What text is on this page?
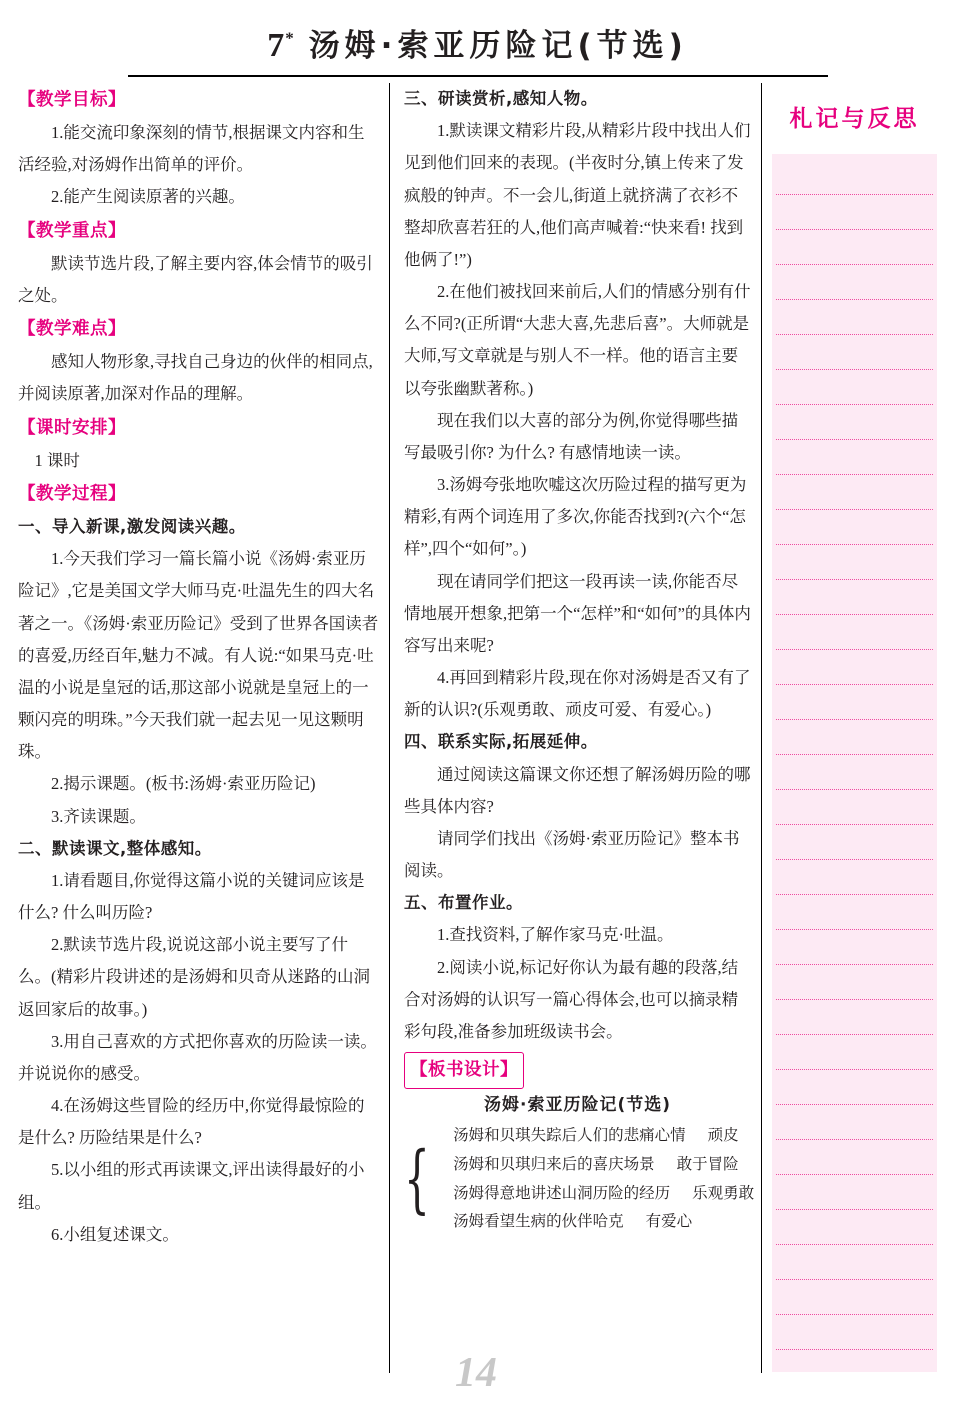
7* 汤姆·索亚历险记(节选)

【教学目标】

1.能交流印象深刻的情节,根据课文内容和生活经验,对汤姆作出简单的评价。

2.能产生阅读原著的兴趣。

【教学重点】

默读节选片段,了解主要内容,体会情节的吸引之处。

【教学难点】

感知人物形象,寻找自己身边的伙伴的相同点,并阅读原著,加深对作品的理解。

【课时安排】

1 课时

【教学过程】

一、导入新课,激发阅读兴趣。

1.今天我们学习一篇长篇小说《汤姆·索亚历险记》,它是美国文学大师马克·吐温先生的四大名著之一。《汤姆·索亚历险记》受到了世界各国读者的喜爱,历经百年,魅力不减。有人说:“如果马克·吐温的小说是皇冠的话,那这部小说就是皇冠上的一颗闪亮的明珠。”今天我们就一起去见一见这颗明珠。

2.揭示课题。(板书:汤姆·索亚历险记)

3.齐读课题。

二、默读课文,整体感知。

1.请看题目,你觉得这篇小说的关键词应该是什么? 什么叫历险?

2.默读节选片段,说说这部小说主要写了什么。(精彩片段讲述的是汤姆和贝奇从迷路的山洞返回家后的故事。)

3.用自己喜欢的方式把你喜欢的历险读一读。并说说你的感受。

4.在汤姆这些冒险的经历中,你觉得最惊险的是什么? 历险结果是什么?

5.以小组的形式再读课文,评出读得最好的小组。

6.小组复述课文。

三、研读赏析,感知人物。

1.默读课文精彩片段,从精彩片段中找出人们见到他们回来的表现。(半夜时分,镇上传来了发疯般的钟声。不一会儿,街道上就挤满了衣衫不整却欣喜若狂的人,他们高声喊着:“快来看! 找到他俩了!”)

2.在他们被找回来前后,人们的情感分别有什么不同?(正所谓“大悲大喜,先悲后喜”。大师就是大师,写文章就是与别人不一样。他的语言主要以夸张幽默著称。)

现在我们以大喜的部分为例,你觉得哪些描写最吸引你? 为什么? 有感情地读一读。

3.汤姆夸张地吹嘘这次历险过程的描写更为精彩,有两个词连用了多次,你能否找到?(六个“怎样”,四个“如何”。)

现在请同学们把这一段再读一读,你能否尽情地展开想象,把第一个“怎样”和“如何”的具体内容写出来呢?

4.再回到精彩片段,现在你对汤姆是否又有了新的认识?(乐观勇敢、顽皮可爱、有爱心。)

四、联系实际,拓展延伸。

通过阅读这篇课文你还想了解汤姆历险的哪些具体内容?

请同学们找出《汤姆·索亚历险记》整本书阅读。

五、布置作业。

1.查找资料,了解作家马克·吐温。

2.阅读小说,标记好你认为最有趣的段落,结合对汤姆的认识写一篇心得体会,也可以摘录精彩句段,准备参加班级读书会。

【板书设计】

汤姆·索亚历险记(节选)

{

汤姆和贝琪失踪后人们的悲痛心情 顽皮

汤姆和贝琪归来后的喜庆场景 敢于冒险

汤姆得意地讲述山洞历险的经历 乐观勇敢

汤姆看望生病的伙伴哈克 有爱心

札记与反思
14
